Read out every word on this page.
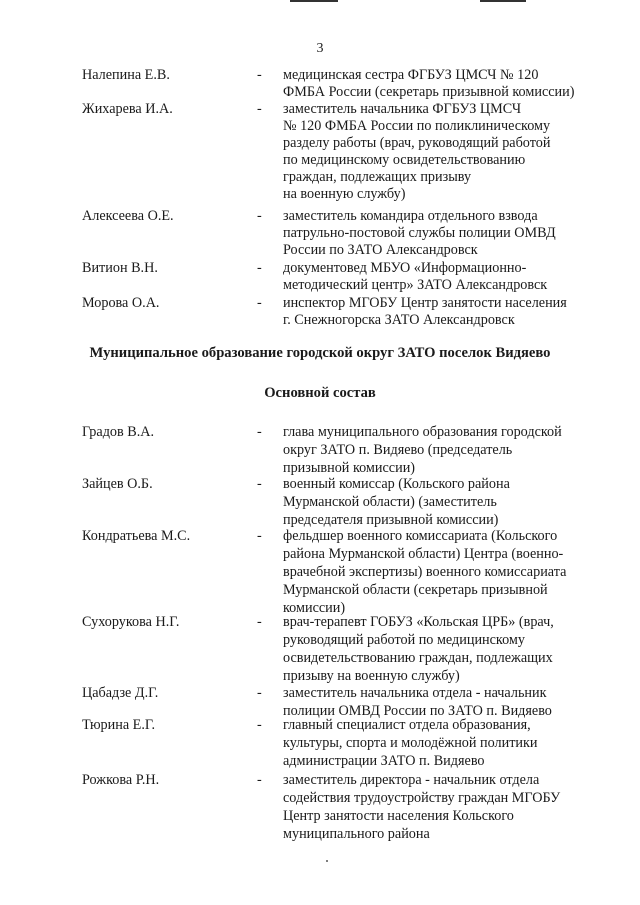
3
Налепина Е.В.	- медицинская сестра ФГБУЗ ЦМСЧ № 120
ФМБА России (секретарь призывной комиссии)
Жихарева И.А.	- заместитель начальника ФГБУЗ ЦМСЧ
№ 120 ФМБА России по поликлиническому
разделу работы (врач, руководящий работой
по медицинскому освидетельствованию
граждан, подлежащих призыву
на военную службу)
Алексеева О.Е.	- заместитель командира отдельного взвода
патрульно-постовой службы полиции ОМВД
России по ЗАТО Александровск
Витион В.Н.	- документовед МБУО «Информационно-
методический центр» ЗАТО Александровск
Морова О.А.	- инспектор МГОБУ Центр занятости населения
г. Снежногорска ЗАТО Александровск
Муниципальное образование городской округ ЗАТО поселок Видяево
Основной состав
Градов В.А.	- глава муниципального образования городской
округ ЗАТО п. Видяево (председатель
призывной комиссии)
Зайцев О.Б.	- военный комиссар (Кольского района
Мурманской области) (заместитель
председателя призывной комиссии)
Кондратьева М.С.	- фельдшер военного комиссариата (Кольского
района Мурманской области) Центра (военно-
врачебной экспертизы) военного комиссариата
Мурманской области (секретарь призывной
комиссии)
Сухорукова Н.Г.	- врач-терапевт ГОБУЗ «Кольская ЦРБ» (врач,
руководящий работой по медицинскому
освидетельствованию граждан, подлежащих
призыву на военную службу)
Цабадзе Д.Г.	- заместитель начальника отдела - начальник
полиции ОМВД России по ЗАТО п. Видяево
Тюрина Е.Г.	- главный специалист отдела образования,
культуры, спорта и молодёжной политики
администрации ЗАТО п. Видяево
Рожкова Р.Н.	- заместитель директора - начальник отдела
содействия трудоустройству граждан МГОБУ
Центр занятости населения Кольского
муниципального района
